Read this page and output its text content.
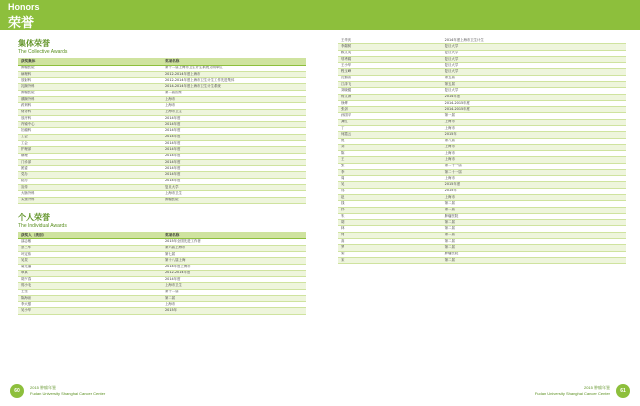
Honors
荣誉
集体荣誉
The Collective Awards
获奖集体	奖项名称
肿瘤医院	第十二届上海市卫生计生系统文明单位
病理科	2012-2014年度上海市
放射科	2012-2014年度上海市卫生计生工作先进集体
乳腺外科	2014-2014年度上海市卫生计生系统
肿瘤医院	第二届国家
胰腺外科	上海市
药剂科	上海市
财务科	上海市卫生
放疗科	2014年度
内镜中心	2014年度
妇瘤科	2014年度
工会	2014年度
工会	2014年度
护理部	2014年度
病理	2014年度
门诊部	2014年度
团委	2014年度
党办	2014年度
院办	2014年度
宣传	复旦大学
大肠外科	上海市卫生
头颈外科	肿瘤医院
个人荣誉
The Individual Awards
获奖人（类别）	奖项名称
邵志敏	2015年全国先进工作者
蔡三军	第六届上海市
叶定伟	第七届
吴炅	第十八届上海
虞先濬	2014年度上海市
章真	2012-2014年度
胡夕春	2014年度
郭小毛	上海市卫生
王坚	第十二届
陈海泉	第二届
李大强	上海市
吴小华	2015年
王华庆	2014年度上海市卫生计生
李端树	复旦大学
顾文英	复旦大学
邬秀娟	复旦大学
王小华	复旦大学
程玉峰	复旦大学
沈镇宙	第五届
江泽飞	第五届
刘晓健	复旦大学
杨文涛	2014年度
徐烨	2014-2015年度
张剑	2014-2015年度
孙国平	第一届
龚红	上海市
丁	上海市
何霞云	2015年
倪	第八届
刘	上海市
陈	上海市
王	上海市
张	第二十一届
李	第二十一届
周	上海市
吴	2015年度
郑	2015年
赵	上海市
钱	第二届
孙	第二届
朱	肿瘤医院
胡	第二届
林	第二届
何	第二届
高	第二届
罗	第二届
梁	肿瘤医院
宋	第二届
60
2015 肿瘤年鉴
Fudan University Shanghai Cancer Center	61
2015 肿瘤年鉴
Fudan University Shanghai Cancer Center
